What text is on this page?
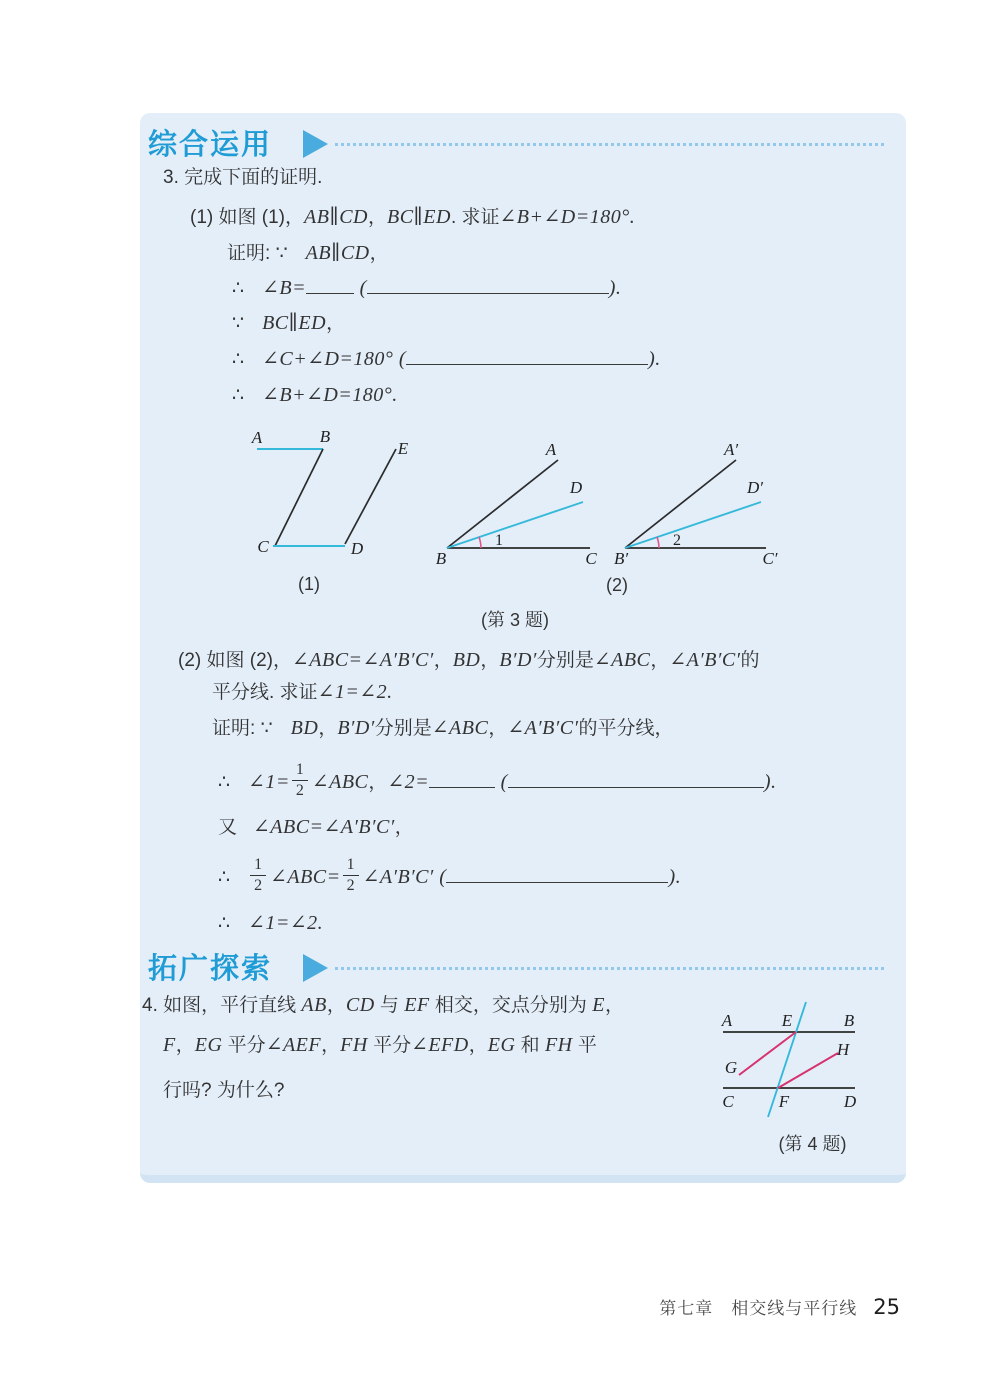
综合运用
3. 完成下面的证明.
(1) 如图 (1)，AB∥CD，BC∥ED. 求证∠B+∠D=180°.
证明: ∵ AB∥CD，
∴ ∠B= (	).
∵ BC∥ED，
∴ ∠C+∠D=180° (	).
∴ ∠B+∠D=180°.
A	B
E
C	D
(1)
A
D
B	C
1
A′
D′
B′	C′
2
(2)
(第 3 题)
(2) 如图 (2)，∠ABC=∠A′B′C′，BD，B′D′分别是∠ABC，∠A′B′C′的
平分线. 求证∠1=∠2.
证明: ∵ BD，B′D′分别是∠ABC，∠A′B′C′的平分线，
∴ ∠1= $\frac{1}{2}$ ∠ABC，∠2=	(	).
又 ∠ABC=∠A′B′C′，
∴ $\frac{1}{2}$ ∠ABC= $\frac{1}{2}$ ∠A′B′C′ (	).
∴ ∠1=∠2.
拓广探索
4. 如图，平行直线 AB，CD 与 EF 相交，交点分别为 E，
F，EG 平分∠AEF，FH 平分∠EFD，EG 和 FH 平
行吗? 为什么?
A	E	B
C	F	D
G
H
(第 4 题)
第七章　相交线与平行线 25
